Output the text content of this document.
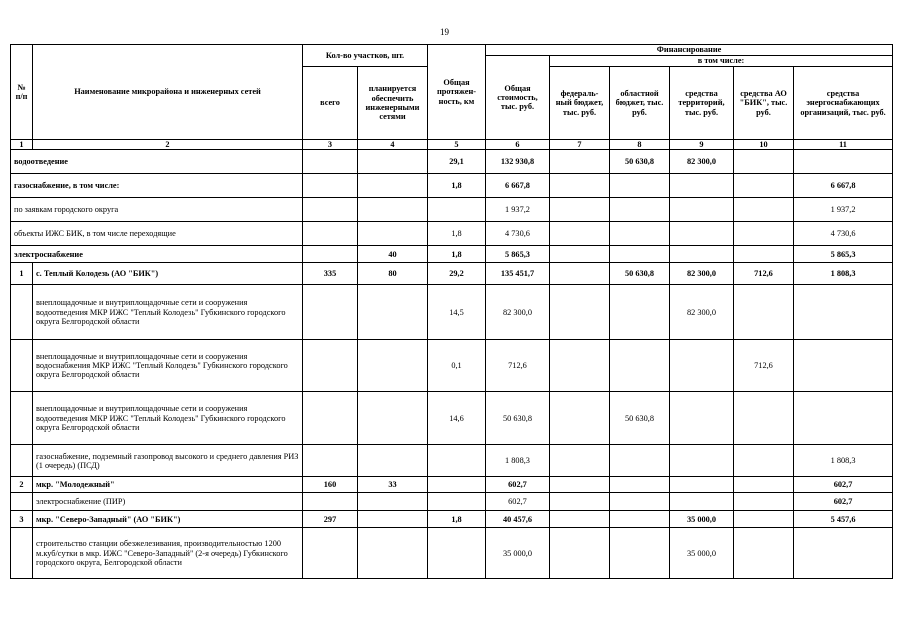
19
№ п/п	Наименование микрорайона и инженерных сетей	Кол-во участков, шт.		Общая протяжен-ность, км	Финансирование					
					Общая стоимость, тыс. руб.	в том числе:				
		всего	планируется обеспечить инженерными сетями			федераль-ный бюджет, тыс. руб.	областной бюджет, тыс. руб.	средства территорий, тыс. руб.	средства АО "БИК", тыс. руб.	средства энергоснабжающих организаций, тыс. руб.
1	2	3	4	5	6	7	8	9	10	11
водоотведение				29,1	132 930,8		50 630,8	82 300,0		
газоснабжение, в том числе:				1,8	6 667,8					6 667,8
по заявкам городского округа					1 937,2					1 937,2
объекты ИЖС БИК, в том числе переходящие				1,8	4 730,6					4 730,6
электроснабжение			40	1,8	5 865,3					5 865,3
1	с. Теплый Колодезь (АО "БИК")	335	80	29,2	135 451,7		50 630,8	82 300,0	712,6	1 808,3
	внеплощадочные и внутриплощадочные сети и сооружения водоотведения МКР ИЖС "Теплый Колодезь" Губкинского городского округа Белгородской области			14,5	82 300,0			82 300,0		
	внеплощадочные и внутриплощадочные сети и сооружения водоснабжения МКР ИЖС "Теплый Колодезь" Губкинского городского округа Белгородской области			0,1	712,6				712,6	
	внеплощадочные и внутриплощадочные сети и сооружения водоотведения МКР ИЖС "Теплый Колодезь" Губкинского городского округа Белгородской области			14,6	50 630,8		50 630,8			
	газоснабжение, подземный газопровод высокого и среднего давления РИЗ (1 очередь) (ПСД)				1 808,3					1 808,3
2	мкр. "Молодежный"	160	33		602,7					602,7
	электроснабжение (ПИР)				602,7					602,7
3	мкр. "Северо-Западный" (АО "БИК")	297		1,8	40 457,6			35 000,0		5 457,6
	строительство станции обезжелезивания, производительностью 1200 м.куб/сутки в мкр. ИЖС "Северо-Западный" (2-я очередь) Губкинского городского округа, Белгородской области				35 000,0			35 000,0		
